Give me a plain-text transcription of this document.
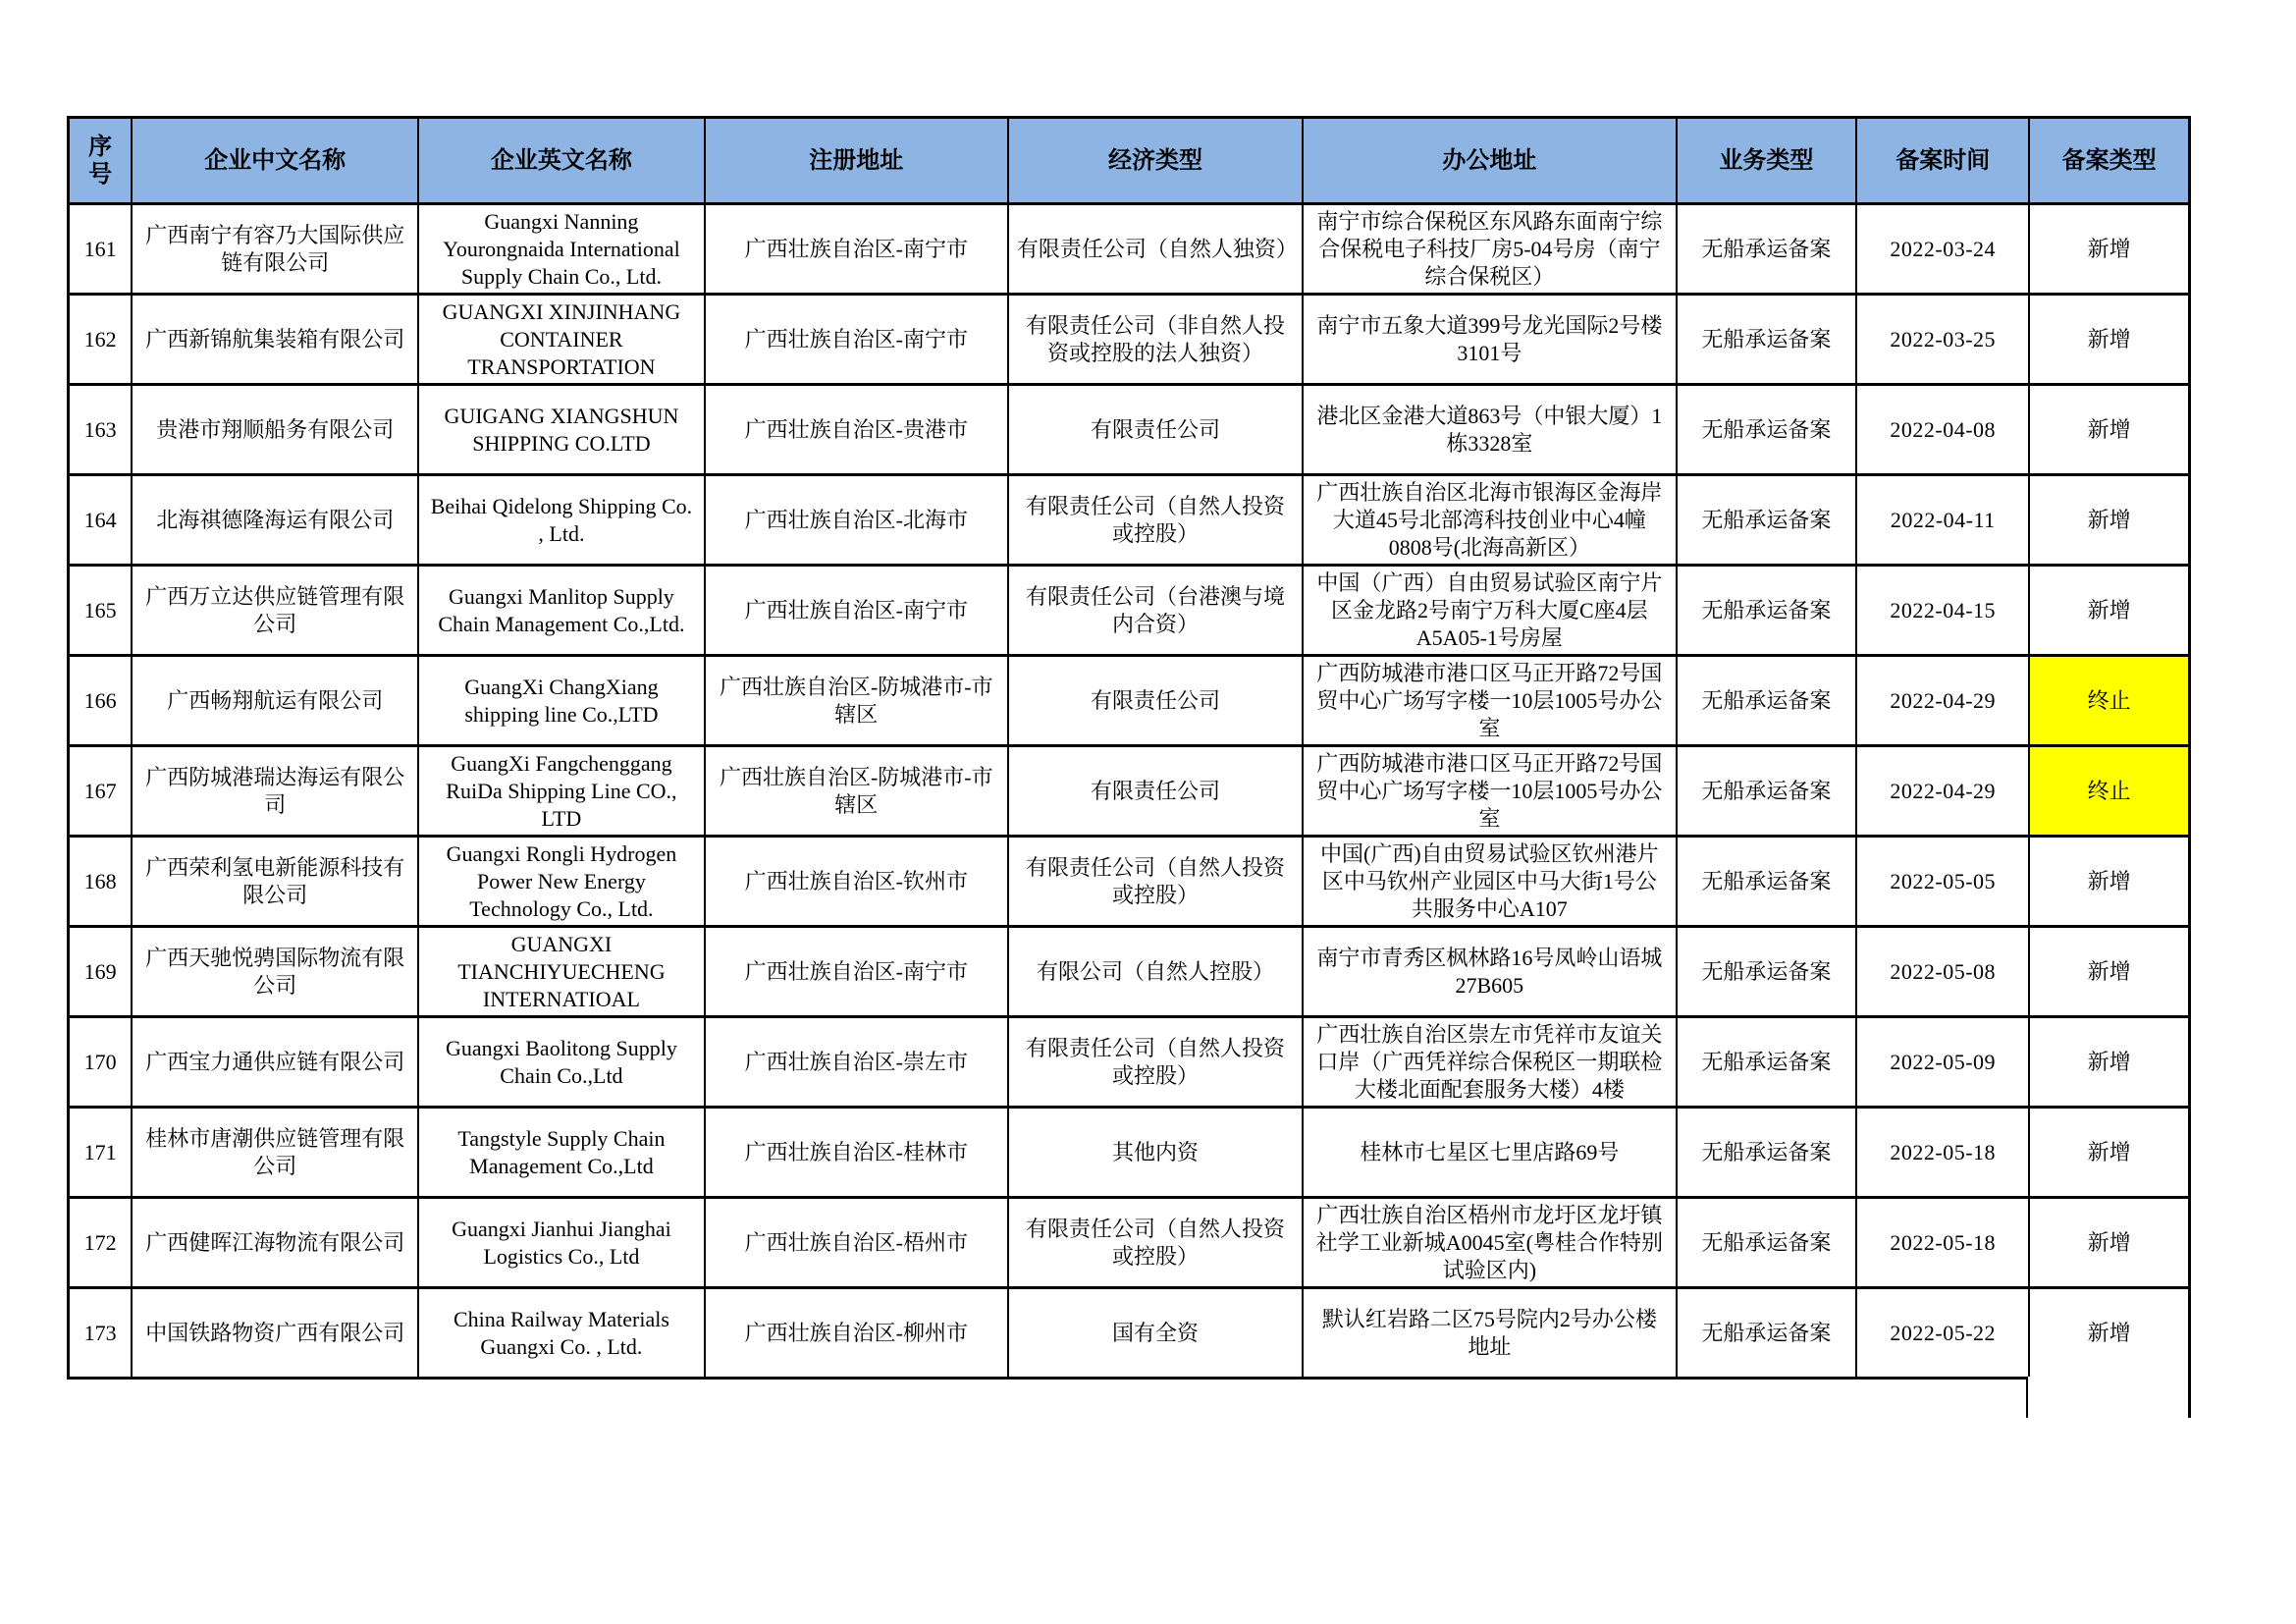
序号	企业中文名称	企业英文名称	注册地址	经济类型	办公地址	业务类型	备案时间	备案类型
161	广西南宁有容乃大国际供应链有限公司	Guangxi Nanning Yourongnaida International Supply Chain Co., Ltd.	广西壮族自治区-南宁市	有限责任公司（自然人独资）	南宁市综合保税区东风路东面南宁综合保税电子科技厂房5-04号房（南宁综合保税区）	无船承运备案	2022-03-24	新增
162	广西新锦航集装箱有限公司	GUANGXI XINJINHANG CONTAINER TRANSPORTATION	广西壮族自治区-南宁市	有限责任公司（非自然人投资或控股的法人独资）	南宁市五象大道399号龙光国际2号楼3101号	无船承运备案	2022-03-25	新增
163	贵港市翔顺船务有限公司	GUIGANG XIANGSHUN SHIPPING CO.LTD	广西壮族自治区-贵港市	有限责任公司	港北区金港大道863号（中银大厦）1栋3328室	无船承运备案	2022-04-08	新增
164	北海祺德隆海运有限公司	Beihai Qidelong Shipping Co. , Ltd.	广西壮族自治区-北海市	有限责任公司（自然人投资或控股）	广西壮族自治区北海市银海区金海岸大道45号北部湾科技创业中心4幢0808号(北海高新区）	无船承运备案	2022-04-11	新增
165	广西万立达供应链管理有限公司	Guangxi Manlitop Supply Chain Management Co.,Ltd.	广西壮族自治区-南宁市	有限责任公司（台港澳与境内合资）	中国（广西）自由贸易试验区南宁片区金龙路2号南宁万科大厦C座4层A5A05-1号房屋	无船承运备案	2022-04-15	新增
166	广西畅翔航运有限公司	GuangXi ChangXiang shipping line Co.,LTD	广西壮族自治区-防城港市-市辖区	有限责任公司	广西防城港市港口区马正开路72号国贸中心广场写字楼一10层1005号办公室	无船承运备案	2022-04-29	终止
167	广西防城港瑞达海运有限公司	GuangXi Fangchenggang RuiDa Shipping Line CO., LTD	广西壮族自治区-防城港市-市辖区	有限责任公司	广西防城港市港口区马正开路72号国贸中心广场写字楼一10层1005号办公室	无船承运备案	2022-04-29	终止
168	广西荣利氢电新能源科技有限公司	Guangxi Rongli Hydrogen Power New Energy Technology Co., Ltd.	广西壮族自治区-钦州市	有限责任公司（自然人投资或控股）	中国(广西)自由贸易试验区钦州港片区中马钦州产业园区中马大街1号公共服务中心A107	无船承运备案	2022-05-05	新增
169	广西天驰悦骋国际物流有限公司	GUANGXI TIANCHIYUECHENG INTERNATIOAL	广西壮族自治区-南宁市	有限公司（自然人控股）	南宁市青秀区枫林路16号凤岭山语城27B605	无船承运备案	2022-05-08	新增
170	广西宝力通供应链有限公司	Guangxi Baolitong Supply Chain Co.,Ltd	广西壮族自治区-崇左市	有限责任公司（自然人投资或控股）	广西壮族自治区崇左市凭祥市友谊关口岸（广西凭祥综合保税区一期联检大楼北面配套服务大楼）4楼	无船承运备案	2022-05-09	新增
171	桂林市唐潮供应链管理有限公司	Tangstyle Supply Chain Management Co.,Ltd	广西壮族自治区-桂林市	其他内资	桂林市七星区七里店路69号	无船承运备案	2022-05-18	新增
172	广西健晖江海物流有限公司	Guangxi Jianhui Jianghai Logistics Co., Ltd	广西壮族自治区-梧州市	有限责任公司（自然人投资或控股）	广西壮族自治区梧州市龙圩区龙圩镇社学工业新城A0045室(粤桂合作特别试验区内)	无船承运备案	2022-05-18	新增
173	中国铁路物资广西有限公司	China Railway Materials Guangxi Co. , Ltd.	广西壮族自治区-柳州市	国有全资	默认红岩路二区75号院内2号办公楼地址	无船承运备案	2022-05-22	新增
